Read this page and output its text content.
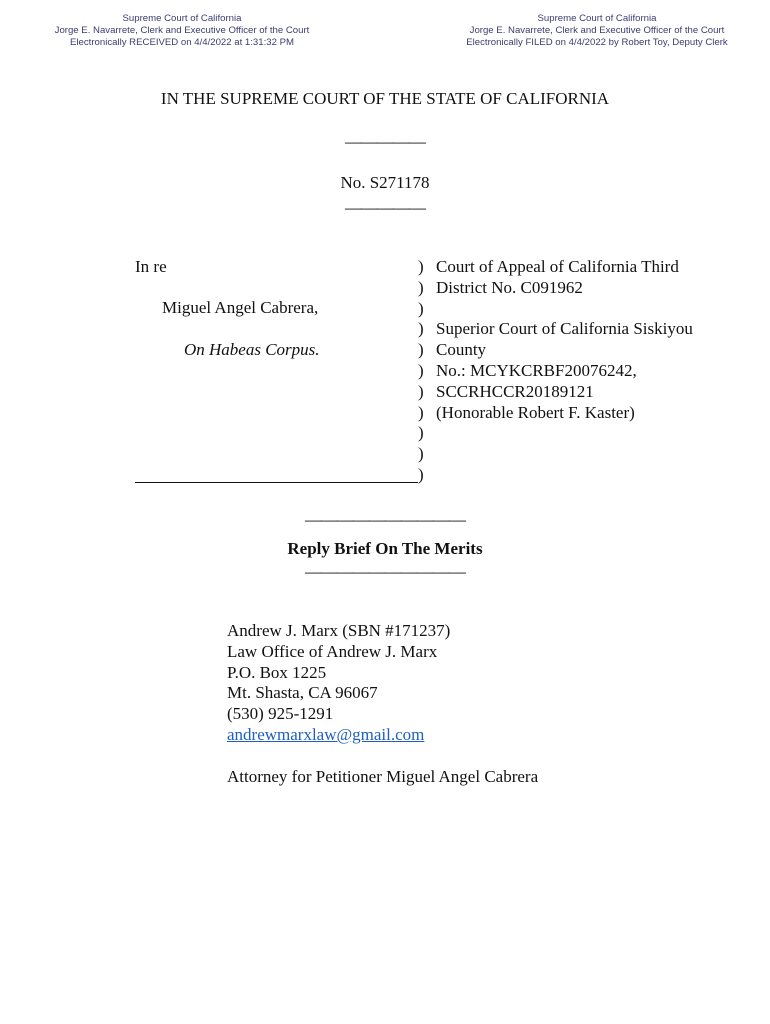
Supreme Court of California
Jorge E. Navarrete, Clerk and Executive Officer of the Court
Electronically RECEIVED on 4/4/2022 at 1:31:32 PM
Supreme Court of California
Jorge E. Navarrete, Clerk and Executive Officer of the Court
Electronically FILED on 4/4/2022 by Robert Toy, Deputy Clerk
IN THE SUPREME COURT OF THE STATE OF CALIFORNIA
—————
No. S271178
—————
In re
Miguel Angel Cabrera,
On Habeas Corpus.
)
)
)
)
)
)
)
)
)
)
)
Court of Appeal of California Third
District No. C091962
Superior Court of California Siskiyou
County
No.: MCYKCRBF20076242,
SCCRHCCR20189121
(Honorable Robert F. Kaster)
——————————
Reply Brief On The Merits
——————————
Andrew J. Marx (SBN #171237)
Law Office of Andrew J. Marx
P.O. Box 1225
Mt. Shasta, CA 96067
(530) 925-1291
andrewmarxlaw@gmail.com
Attorney for Petitioner Miguel Angel Cabrera
